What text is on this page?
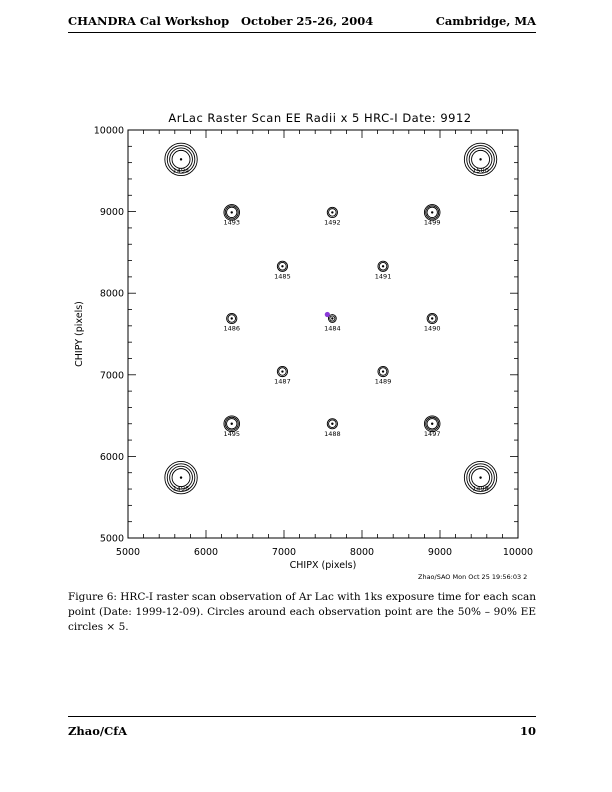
CHANDRA Cal Workshop October 25-26, 2004	Cambridge, MA
ArLac Raster Scan EE Radii x 5 HRC-I Date: 9912
5000	6000	7000	8000	9000	10000
5000
6000
7000
8000
9000
10000
1494	1500
1493	1492	1499
1485	1491
1486	1484	1490
1487	1489
1495	1488	1497
1496	1498
CHIPX (pixels)
CHIPY (pixels)
Zhao/SAO Mon Oct 25 19:56:03 2
Figure 6: HRC-I raster scan observation of Ar Lac with 1ks exposure time for each scan point (Date: 1999-12-09). Circles around each observation point are the 50% – 90% EE circles × 5.
Zhao/CfA	10
